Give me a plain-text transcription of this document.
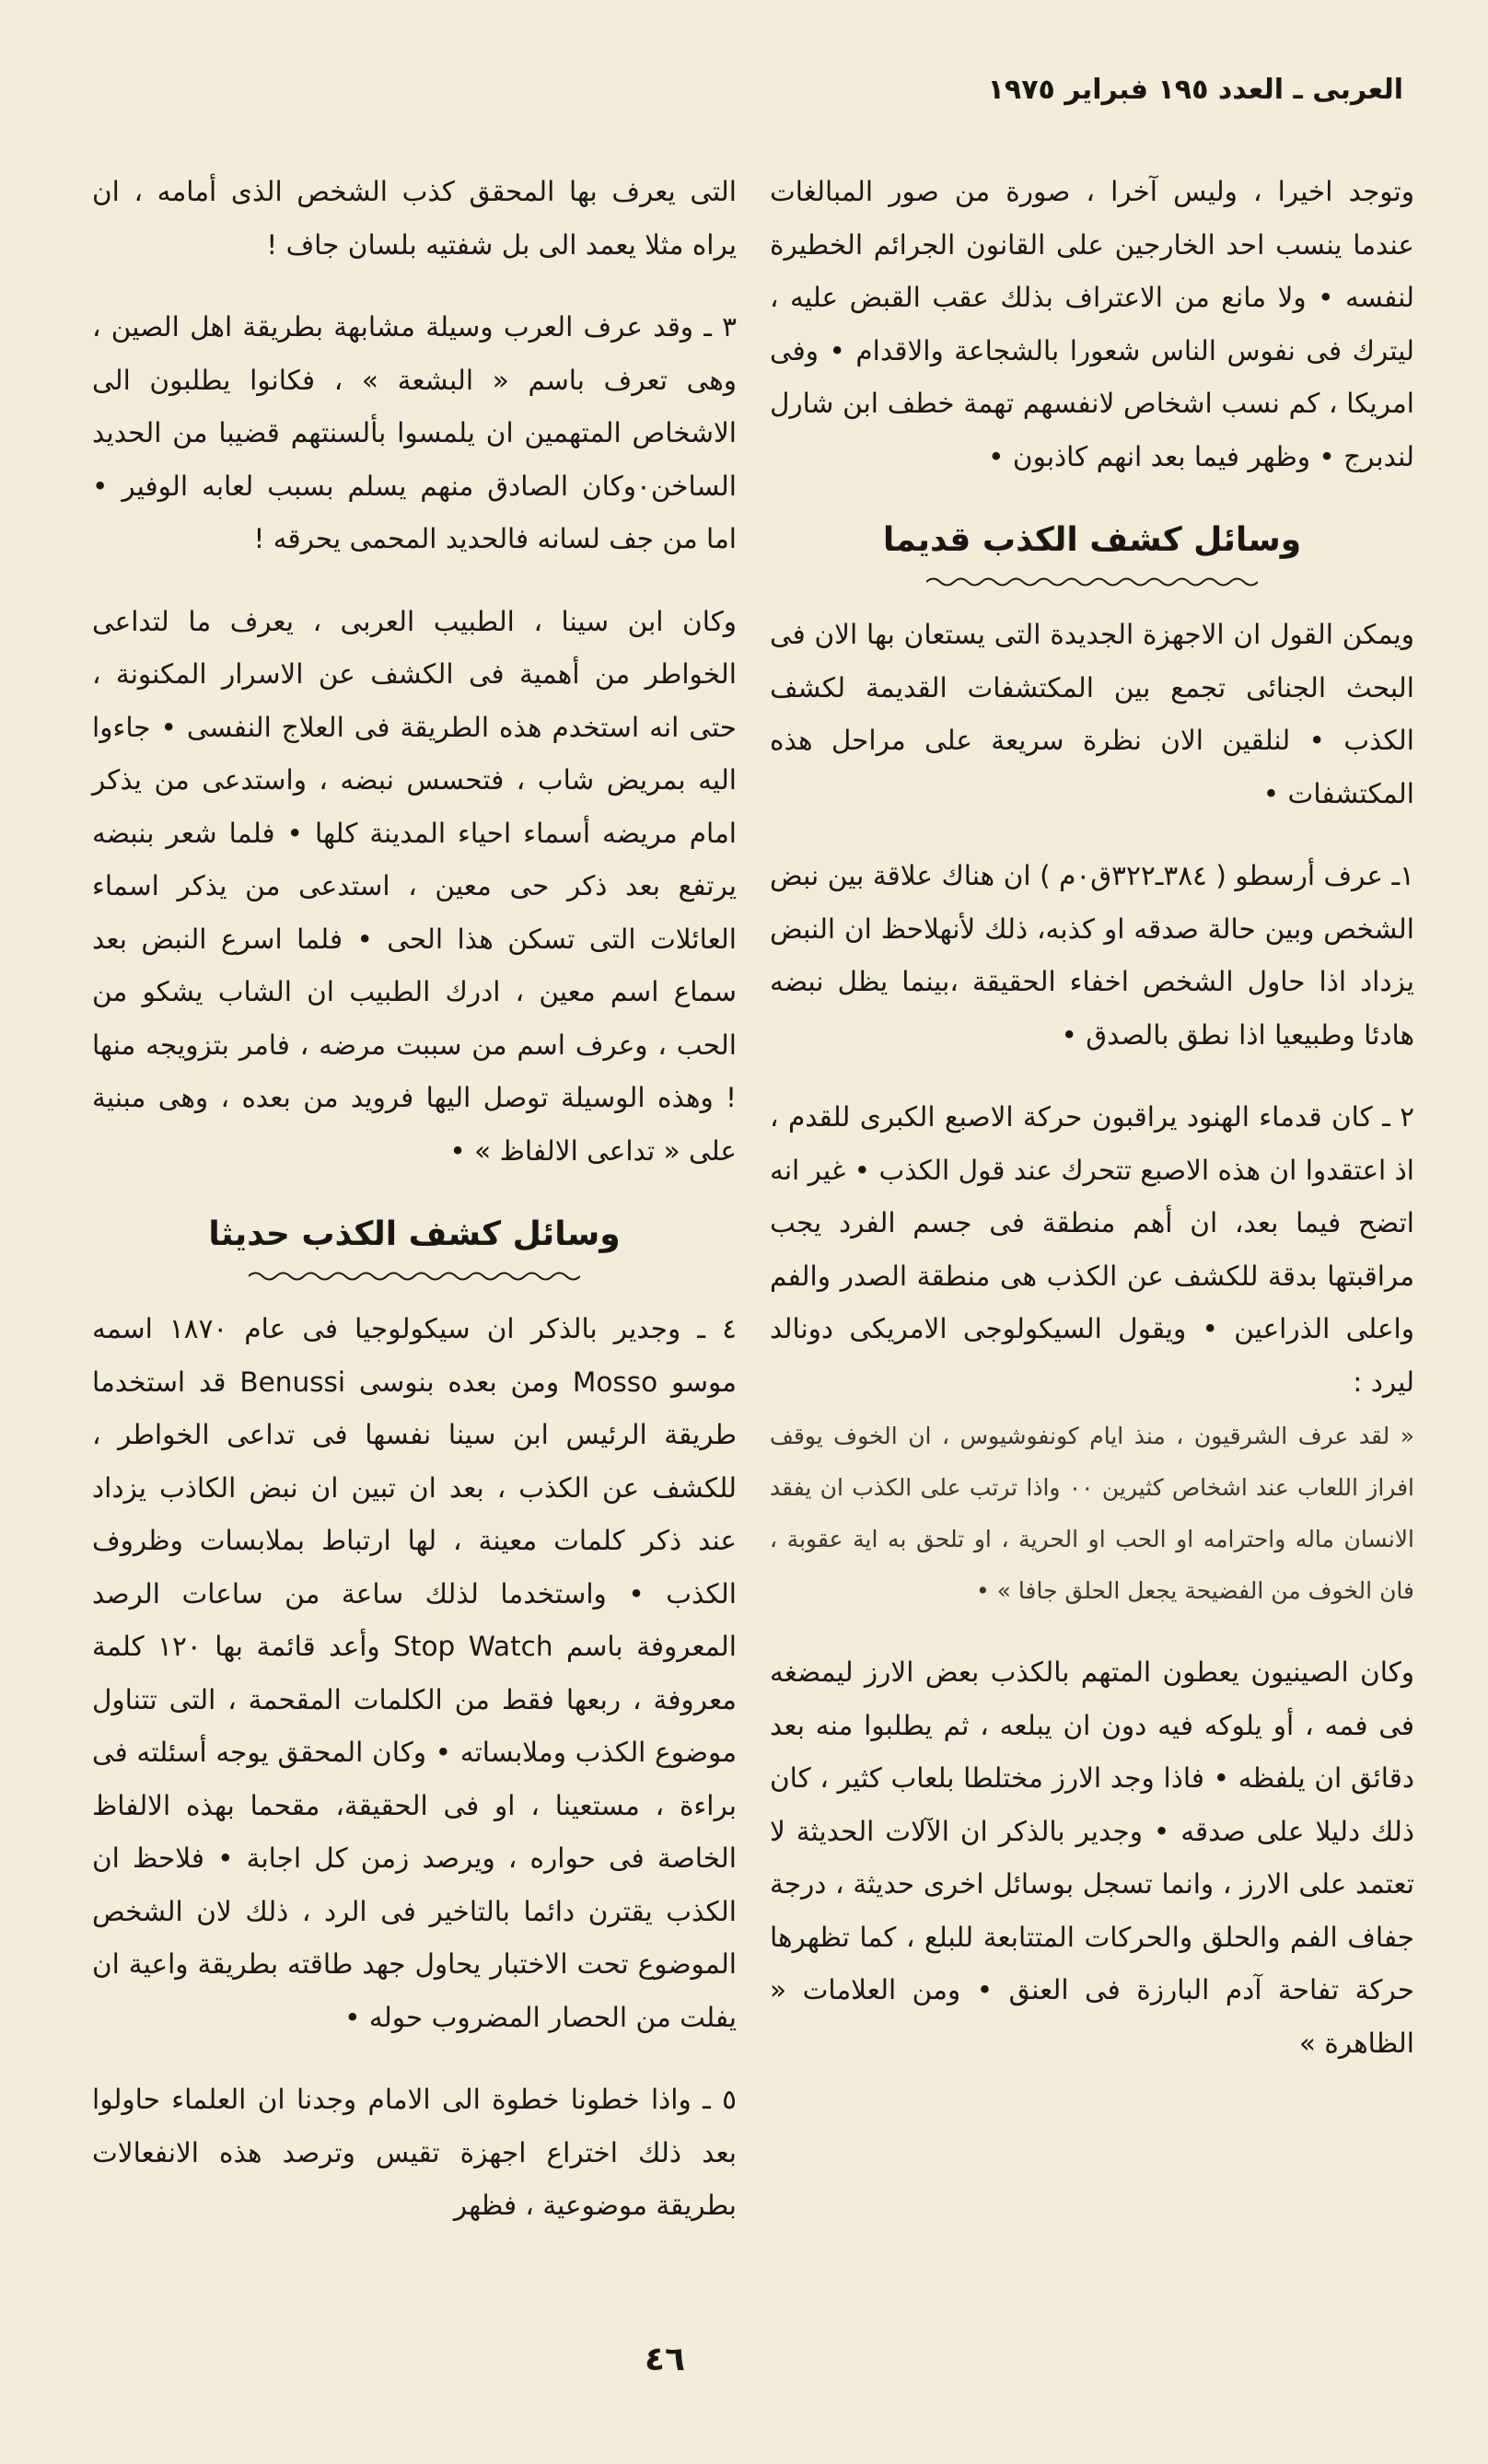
العربى ـ العدد ١٩٥ فبراير ١٩٧٥

وتوجد اخيرا ، وليس آخرا ، صورة من صور المبالغات عندما ينسب احد الخارجين على القانون الجرائم الخطيرة لنفسه • ولا مانع من الاعتراف بذلك عقب القبض عليه ، ليترك فى نفوس الناس شعورا بالشجاعة والاقدام • وفى امريكا ، كم نسب اشخاص لانفسهم تهمة خطف ابن شارل لندبرج • وظهر فيما بعد انهم كاذبون •

وسائل كشف الكذب قديما

ويمكن القول ان الاجهزة الجديدة التى يستعان بها الان فى البحث الجنائى تجمع بين المكتشفات القديمة لكشف الكذب • لنلقين الان نظرة سريعة على مراحل هذه المكتشفات •

١ـ عرف أرسطو ( ٣٨٤ـ٣٢٢ق٠م ) ان هناك علاقة بين نبض الشخص وبين حالة صدقه او كذبه، ذلك لأنهلاحظ ان النبض يزداد اذا حاول الشخص اخفاء الحقيقة ،بينما يظل نبضه هادئا وطبيعيا اذا نطق بالصدق •

٢ ـ كان قدماء الهنود يراقبون حركة الاصبع الكبرى للقدم ، اذ اعتقدوا ان هذه الاصبع تتحرك عند قول الكذب • غير انه اتضح فيما بعد، ان أهم منطقة فى جسم الفرد يجب مراقبتها بدقة للكشف عن الكذب هى منطقة الصدر والفم واعلى الذراعين • ويقول السيكولوجى الامريكى دونالد ليرد :

« لقد عرف الشرقيون ، منذ ايام كونفوشيوس ، ان الخوف يوقف افراز اللعاب عند اشخاص كثيرين ٠٠ واذا ترتب على الكذب ان يفقد الانسان ماله واحترامه او الحب او الحرية ، او تلحق به اية عقوبة ، فان الخوف من الفضيحة يجعل الحلق جافا » •

وكان الصينيون يعطون المتهم بالكذب بعض الارز ليمضغه فى فمه ، أو يلوكه فيه دون ان يبلعه ، ثم يطلبوا منه بعد دقائق ان يلفظه • فاذا وجد الارز مختلطا بلعاب كثير ، كان ذلك دليلا على صدقه • وجدير بالذكر ان الآلات الحديثة لا تعتمد على الارز ، وانما تسجل بوسائل اخرى حديثة ، درجة جفاف الفم والحلق والحركات المتتابعة للبلع ، كما تظهرها حركة تفاحة آدم البارزة فى العنق • ومن العلامات « الظاهرة »

التى يعرف بها المحقق كذب الشخص الذى أمامه ، ان يراه مثلا يعمد الى بل شفتيه بلسان جاف !

٣ ـ وقد عرف العرب وسيلة مشابهة بطريقة اهل الصين ، وهى تعرف باسم « البشعة » ، فكانوا يطلبون الى الاشخاص المتهمين ان يلمسوا بألسنتهم قضيبا من الحديد الساخن٠وكان الصادق منهم يسلم بسبب لعابه الوفير • اما من جف لسانه فالحديد المحمى يحرقه !

وكان ابن سينا ، الطبيب العربى ، يعرف ما لتداعى الخواطر من أهمية فى الكشف عن الاسرار المكنونة ، حتى انه استخدم هذه الطريقة فى العلاج النفسى • جاءوا اليه بمريض شاب ، فتحسس نبضه ، واستدعى من يذكر امام مريضه أسماء احياء المدينة كلها • فلما شعر بنبضه يرتفع بعد ذكر حى معين ، استدعى من يذكر اسماء العائلات التى تسكن هذا الحى • فلما اسرع النبض بعد سماع اسم معين ، ادرك الطبيب ان الشاب يشكو من الحب ، وعرف اسم من سببت مرضه ، فامر بتزويجه منها ! وهذه الوسيلة توصل اليها فرويد من بعده ، وهى مبنية على « تداعى الالفاظ » •

وسائل كشف الكذب حديثا

٤ ـ وجدير بالذكر ان سيكولوجيا فى عام ١٨٧٠ اسمه موسو Mosso ومن بعده بنوسى Benussi قد استخدما طريقة الرئيس ابن سينا نفسها فى تداعى الخواطر ، للكشف عن الكذب ، بعد ان تبين ان نبض الكاذب يزداد عند ذكر كلمات معينة ، لها ارتباط بملابسات وظروف الكذب • واستخدما لذلك ساعة من ساعات الرصد المعروفة باسم Stop Watch وأعد قائمة بها ١٢٠ كلمة معروفة ، ربعها فقط من الكلمات المقحمة ، التى تتناول موضوع الكذب وملابساته • وكان المحقق يوجه أسئلته فى براءة ، مستعينا ، او فى الحقيقة، مقحما بهذه الالفاظ الخاصة فى حواره ، ويرصد زمن كل اجابة • فلاحظ ان الكذب يقترن دائما بالتاخير فى الرد ، ذلك لان الشخص الموضوع تحت الاختبار يحاول جهد طاقته بطريقة واعية ان يفلت من الحصار المضروب حوله •

٥ ـ واذا خطونا خطوة الى الامام وجدنا ان العلماء حاولوا بعد ذلك اختراع اجهزة تقيس وترصد هذه الانفعالات بطريقة موضوعية ، فظهر

٤٦
